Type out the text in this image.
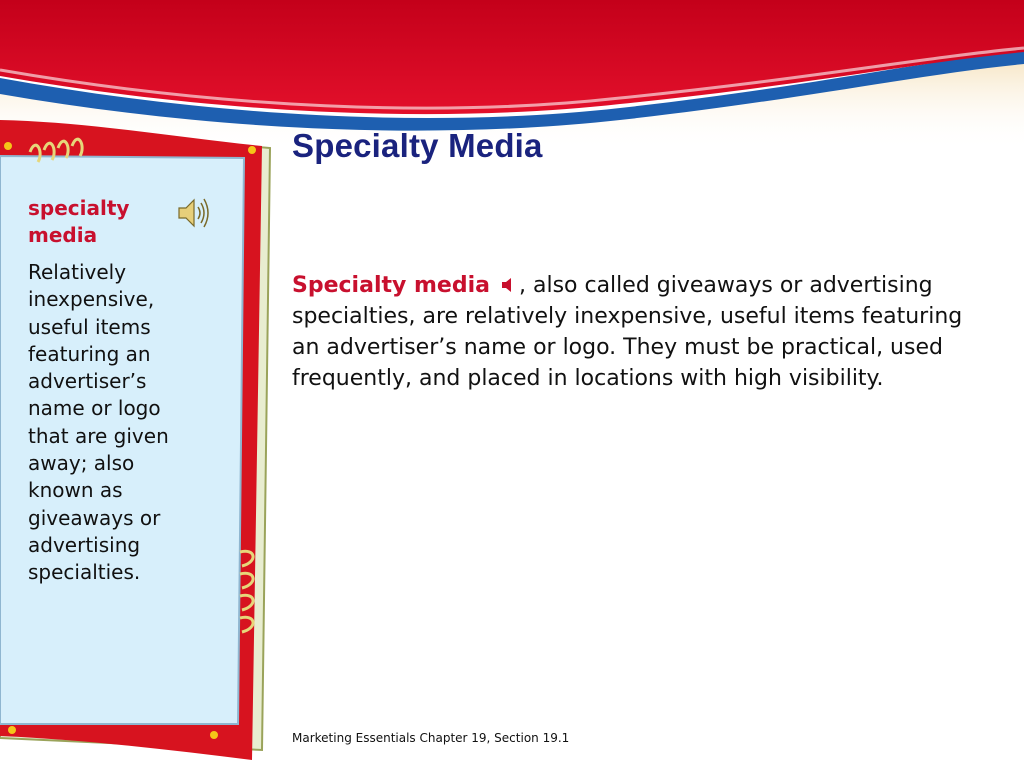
specialty media
Relatively inexpensive, useful items featuring an advertiser’s name or logo that are given away; also known as giveaways or advertising specialties.
Specialty Media
Specialty media , also called giveaways or advertising specialties, are relatively inexpensive, useful items featuring an advertiser’s name or logo. They must be practical, used frequently, and placed in locations with high visibility.
Marketing Essentials Chapter 19, Section 19.1
